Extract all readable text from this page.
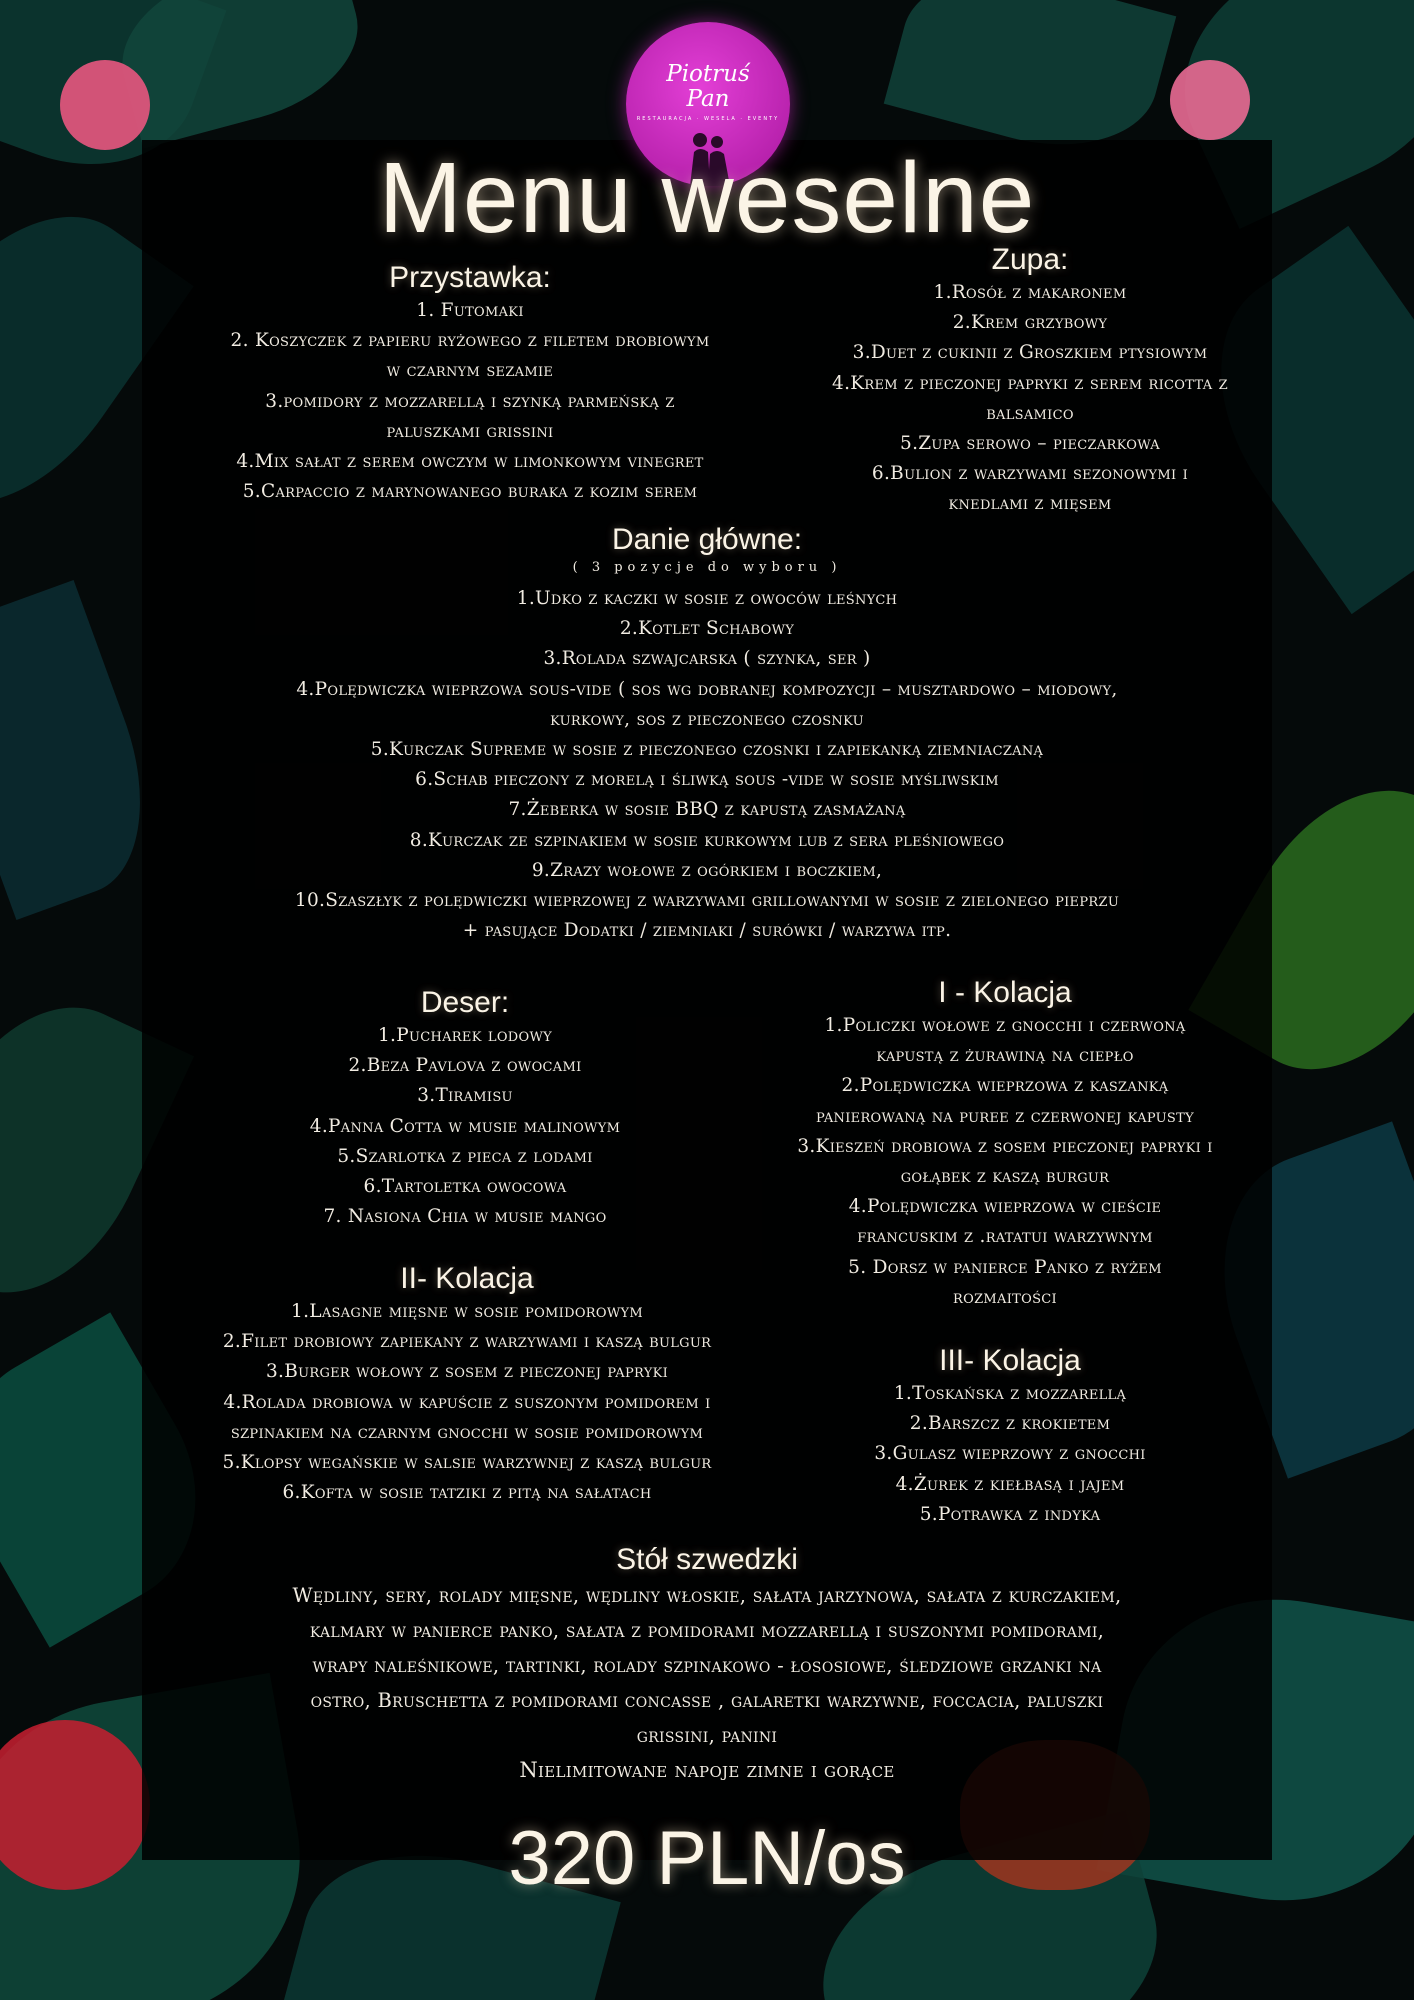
Piotruś
Pan
RESTAURACJA · WESELA · EVENTY
Menu weselne
Przystawka:
1. Futomaki
2. Koszyczek z papieru ryżowego z filetem drobiowym
w czarnym sezamie
3.pomidory z mozzarellą i szynką parmeńską z
paluszkami grissini
4.Mix sałat z serem owczym w limonkowym vinegret
5.Carpaccio z marynowanego buraka z kozim serem
Zupa:
1.Rosół z makaronem
2.Krem grzybowy
3.Duet z cukinii z Groszkiem ptysiowym
4.Krem z pieczonej papryki z serem ricotta z
balsamico
5.Zupa serowo – pieczarkowa
6.Bulion z warzywami sezonowymi i
knedlami z mięsem
Danie główne:
( 3 pozycje do wyboru )
1.Udko z kaczki w sosie z owoców leśnych
2.Kotlet Schabowy
3.Rolada szwajcarska ( szynka, ser )
4.Polędwiczka wieprzowa sous-vide ( sos wg dobranej kompozycji – musztardowo – miodowy,
kurkowy, sos z pieczonego czosnku
5.Kurczak Supreme w sosie z pieczonego czosnki i zapiekanką ziemniaczaną
6.Schab pieczony z morelą i śliwką sous -vide w sosie myśliwskim
7.Żeberka w sosie BBQ z kapustą zasmażaną
8.Kurczak ze szpinakiem w sosie kurkowym lub z sera pleśniowego
9.Zrazy wołowe z ogórkiem i boczkiem,
10.Szaszłyk z polędwiczki wieprzowej z warzywami grillowanymi w sosie z zielonego pieprzu
+ pasujące Dodatki / ziemniaki / surówki / warzywa itp.
Deser:
1.Pucharek lodowy
2.Beza Pavlova z owocami
3.Tiramisu
4.Panna Cotta w musie malinowym
5.Szarlotka z pieca z lodami
6.Tartoletka owocowa
7. Nasiona Chia w musie mango
I - Kolacja
1.Policzki wołowe z gnocchi i czerwoną
kapustą z żurawiną na ciepło
2.Polędwiczka wieprzowa z kaszanką
panierowaną na puree z czerwonej kapusty
3.Kieszeń drobiowa z sosem pieczonej papryki i
gołąbek z kaszą burgur
4.Polędwiczka wieprzowa w cieście
francuskim z .ratatui warzywnym
5. Dorsz w panierce Panko z ryżem
rozmaitości
II- Kolacja
1.Lasagne mięsne w sosie pomidorowym
2.Filet drobiowy zapiekany z warzywami i kaszą bulgur
3.Burger wołowy z sosem z pieczonej papryki
4.Rolada drobiowa w kapuście z suszonym pomidorem i
szpinakiem na czarnym gnocchi w sosie pomidorowym
5.Klopsy wegańskie w salsie warzywnej z kaszą bulgur
6.Kofta w sosie tatziki z pitą na sałatach
III- Kolacja
1.Toskańska z mozzarellą
2.Barszcz z krokietem
3.Gulasz wieprzowy z gnocchi
4.Żurek z kiełbasą i jajem
5.Potrawka z indyka
Stół szwedzki
Wędliny, sery, rolady mięsne, wędliny włoskie, sałata jarzynowa, sałata z kurczakiem,
kalmary w panierce panko, sałata z pomidorami mozzarellą i suszonymi pomidorami,
wrapy naleśnikowe, tartinki, rolady szpinakowo - łososiowe, śledziowe grzanki na
ostro, Bruschetta z pomidorami concasse , galaretki warzywne, foccacia, paluszki
grissini, panini
Nielimitowane napoje zimne i gorące
320 PLN/os
